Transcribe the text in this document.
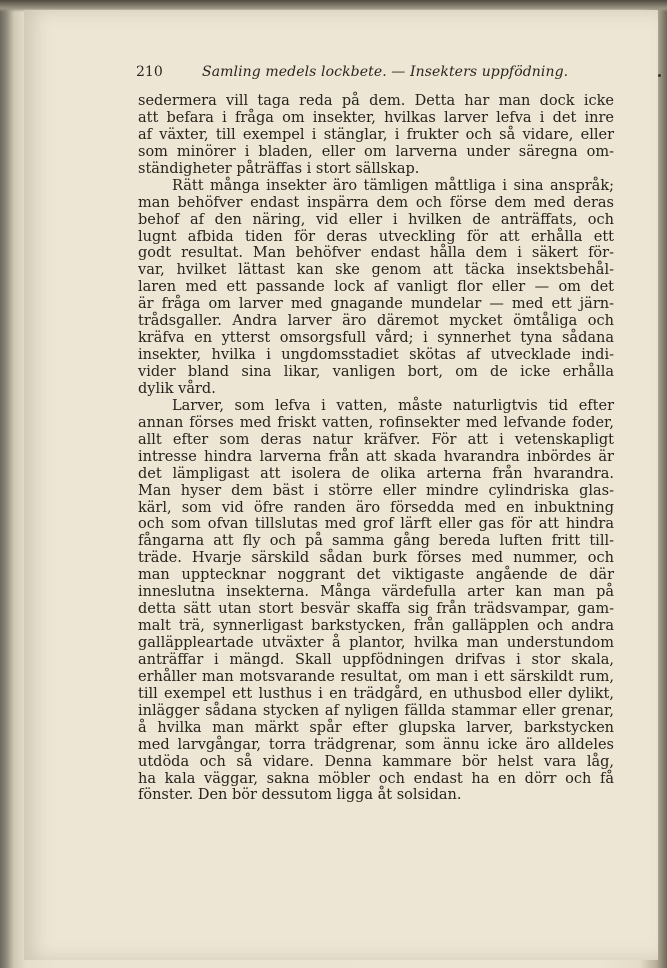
210	Samling medels lockbete. — Insekters uppfödning.
sedermera vill taga reda på dem. Detta har man dock icke
att befara i fråga om insekter, hvilkas larver lefva i det inre
af växter, till exempel i stänglar, i frukter och så vidare, eller
som minörer i bladen, eller om larverna under säregna om-
ständigheter påträffas i stort sällskap.
Rätt många insekter äro tämligen måttliga i sina anspråk;
man behöfver endast inspärra dem och förse dem med deras
behof af den näring, vid eller i hvilken de anträffats, och
lugnt afbida tiden för deras utveckling för att erhålla ett
godt resultat. Man behöfver endast hålla dem i säkert för-
var, hvilket lättast kan ske genom att täcka insektsbehål-
laren med ett passande lock af vanligt flor eller — om det
är fråga om larver med gnagande mundelar — med ett järn-
trådsgaller. Andra larver äro däremot mycket ömtåliga och
kräfva en ytterst omsorgsfull vård; i synnerhet tyna sådana
insekter, hvilka i ungdomsstadiet skötas af utvecklade indi-
vider bland sina likar, vanligen bort, om de icke erhålla
dylik vård.
Larver, som lefva i vatten, måste naturligtvis tid efter
annan förses med friskt vatten, rofinsekter med lefvande foder,
allt efter som deras natur kräfver. För att i vetenskapligt
intresse hindra larverna från att skada hvarandra inbördes är
det lämpligast att isolera de olika arterna från hvarandra.
Man hyser dem bäst i större eller mindre cylindriska glas-
kärl, som vid öfre randen äro försedda med en inbuktning
och som ofvan tillslutas med grof lärft eller gas för att hindra
fångarna att fly och på samma gång bereda luften fritt till-
träde. Hvarje särskild sådan burk förses med nummer, och
man upptecknar noggrant det viktigaste angående de där
inneslutna insekterna. Många värdefulla arter kan man på
detta sätt utan stort besvär skaffa sig från trädsvampar, gam-
malt trä, synnerligast barkstycken, från galläpplen och andra
galläppleartade utväxter å plantor, hvilka man understundom
anträffar i mängd. Skall uppfödningen drifvas i stor skala,
erhåller man motsvarande resultat, om man i ett särskildt rum,
till exempel ett lusthus i en trädgård, en uthusbod eller dylikt,
inlägger sådana stycken af nyligen fällda stammar eller grenar,
å hvilka man märkt spår efter glupska larver, barkstycken
med larvgångar, torra trädgrenar, som ännu icke äro alldeles
utdöda och så vidare. Denna kammare bör helst vara låg,
ha kala väggar, sakna möbler och endast ha en dörr och få
fönster. Den bör dessutom ligga åt solsidan.
